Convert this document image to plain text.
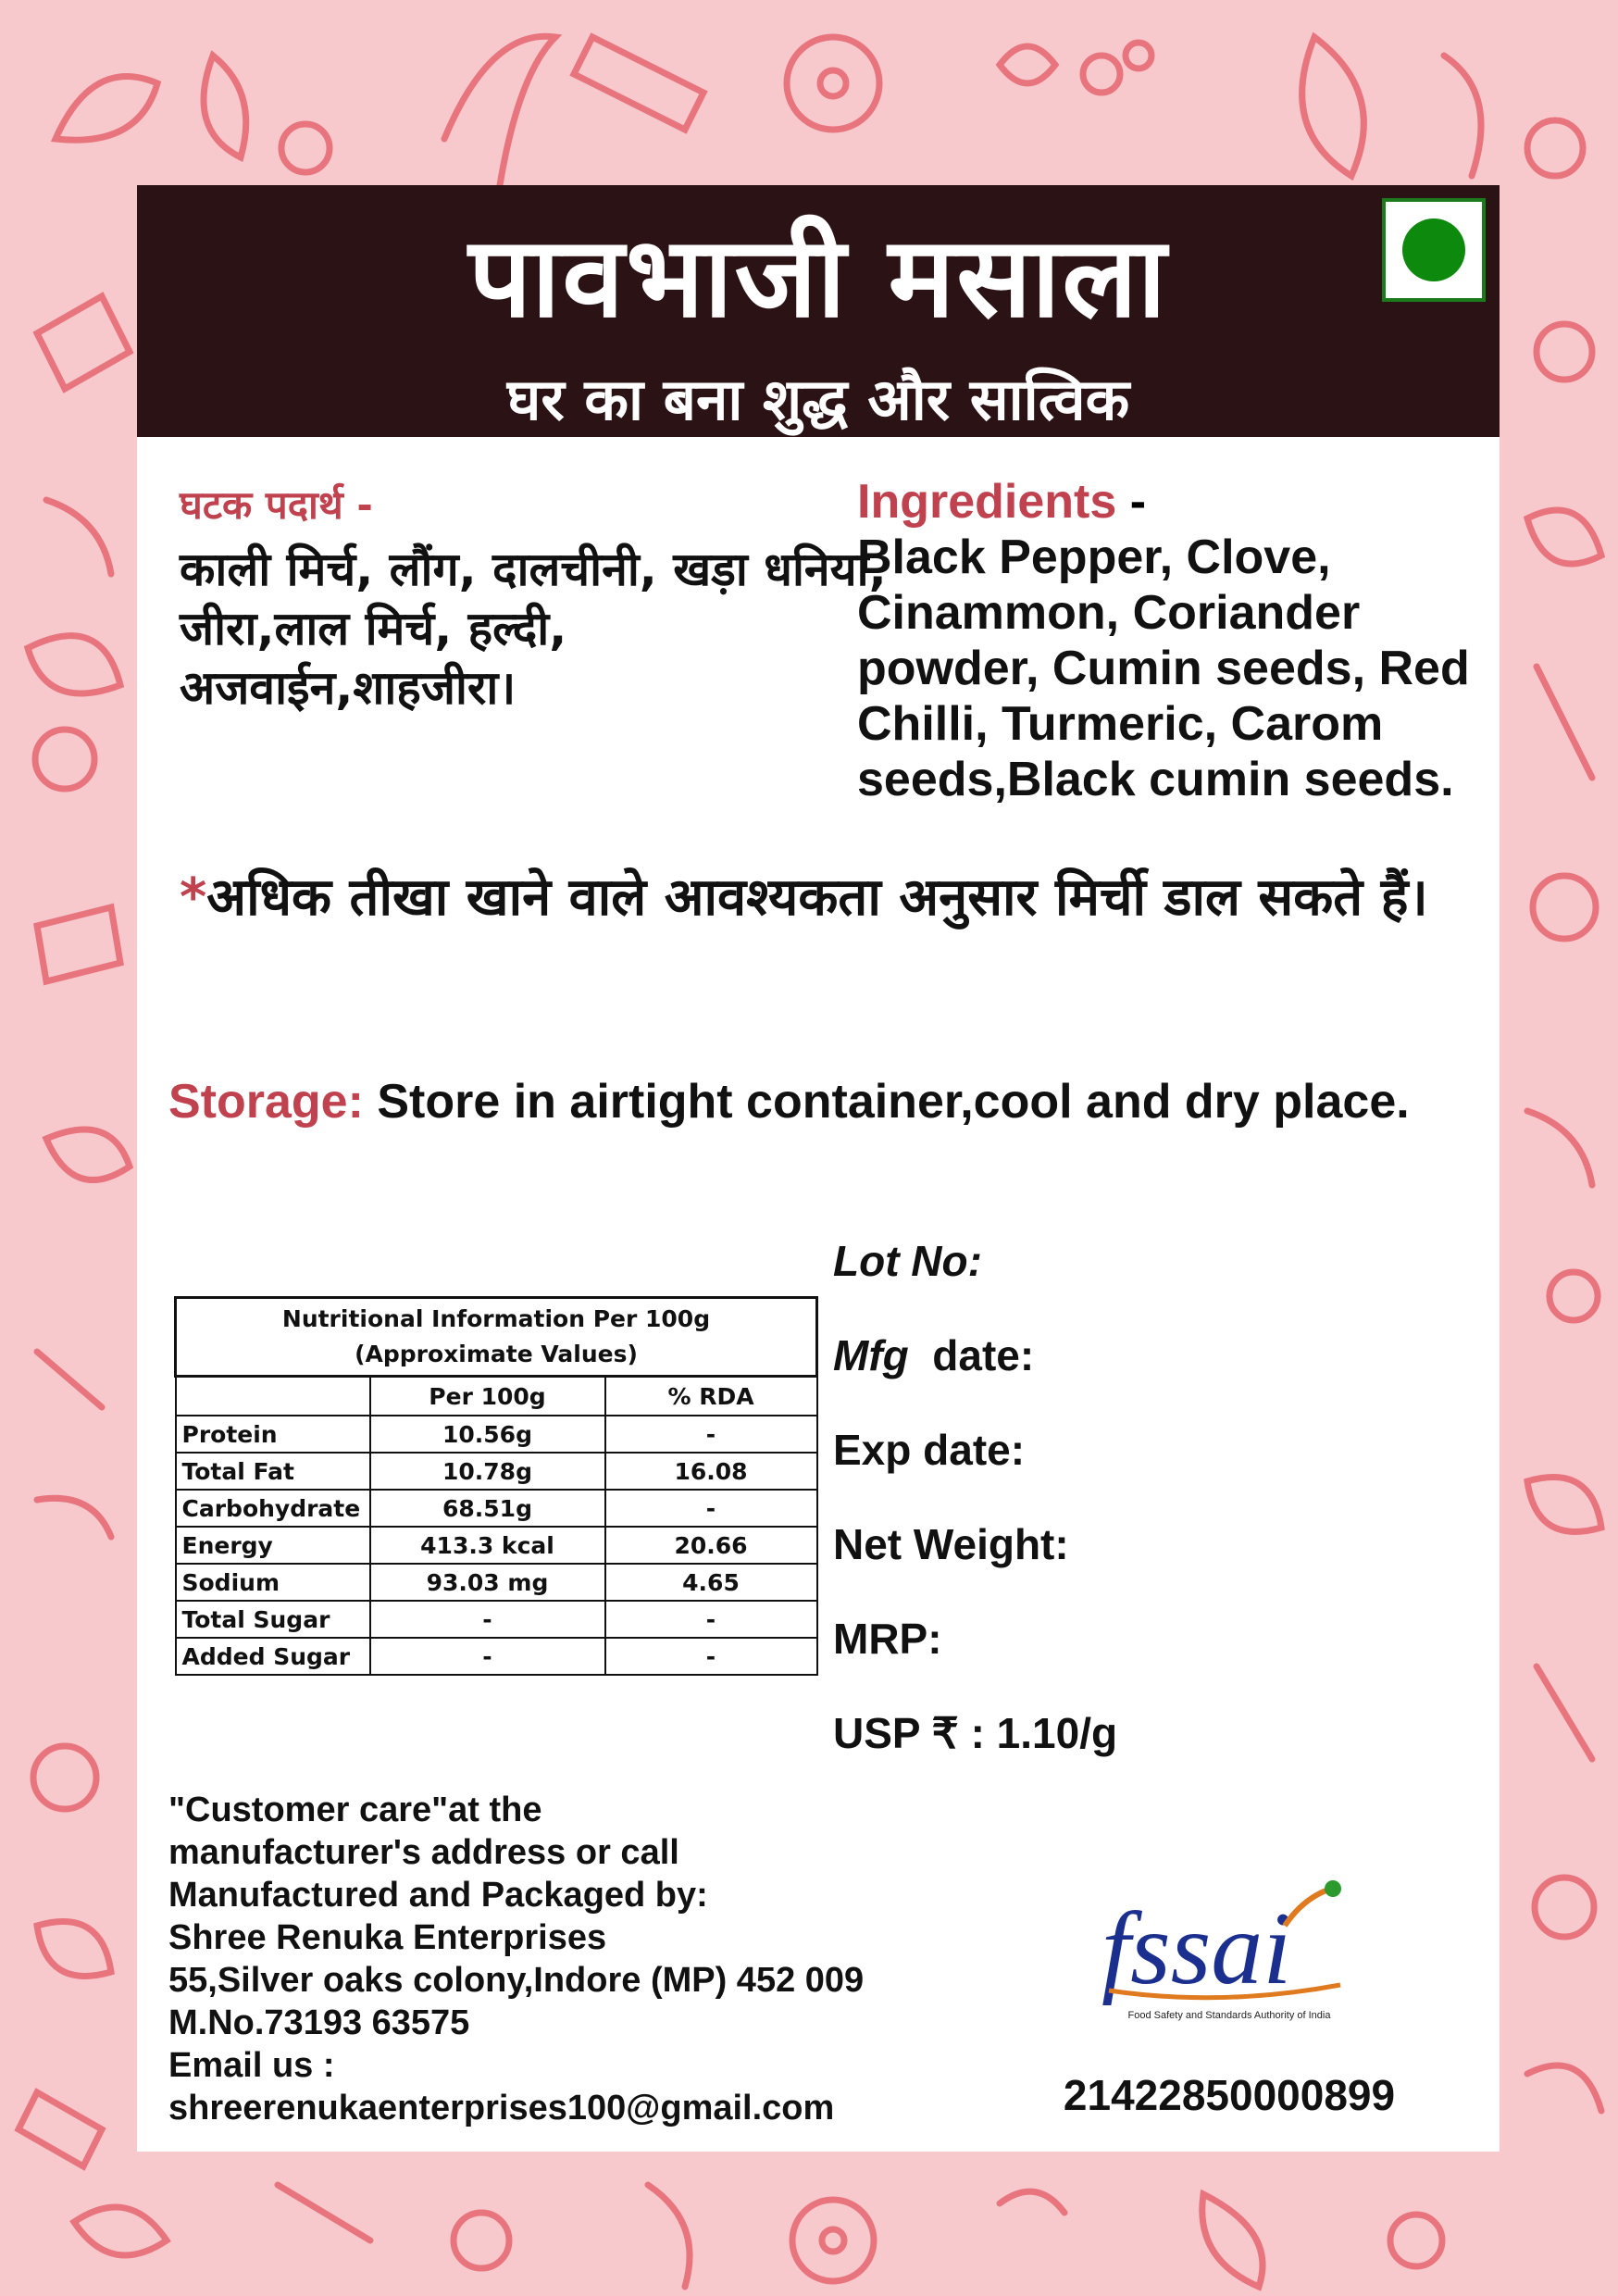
पावभाजी मसाला
घर का बना शुद्ध और सात्विक
घटक पदार्थ -
काली मिर्च, लौंग, दालचीनी, खड़ा धनिया, जीरा,लाल मिर्च, हल्दी, अजवाईन,शाहजीरा।
Ingredients -
Black Pepper, Clove, Cinammon, Coriander powder, Cumin seeds, Red Chilli, Turmeric, Carom seeds,Black cumin seeds.
*अधिक तीखा खाने वाले आवश्यकता अनुसार मिर्ची डाल सकते हैं।
Storage: Store in airtight container,cool and dry place.
Nutritional Information Per 100g
(Approximate Values)		

	Per 100g	% RDA
Protein	10.56g	-
Total Fat	10.78g	16.08
Carbohydrate	68.51g	-
Energy	413.3 kcal	20.66
Sodium	93.03 mg	4.65
Total Sugar	-	-
Added Sugar	-	-
Lot No:
Mfg  date:
Exp date:
Net Weight:
MRP:
USP ₹ : 1.10/g
"Customer care"at the
manufacturer's address or call
Manufactured and Packaged by:
Shree Renuka Enterprises
55,Silver oaks colony,Indore (MP) 452 009
M.No.73193 63575
Email us :
shreerenukaenterprises100@gmail.com
fssai
Food Safety and Standards Authority of India
21422850000899
